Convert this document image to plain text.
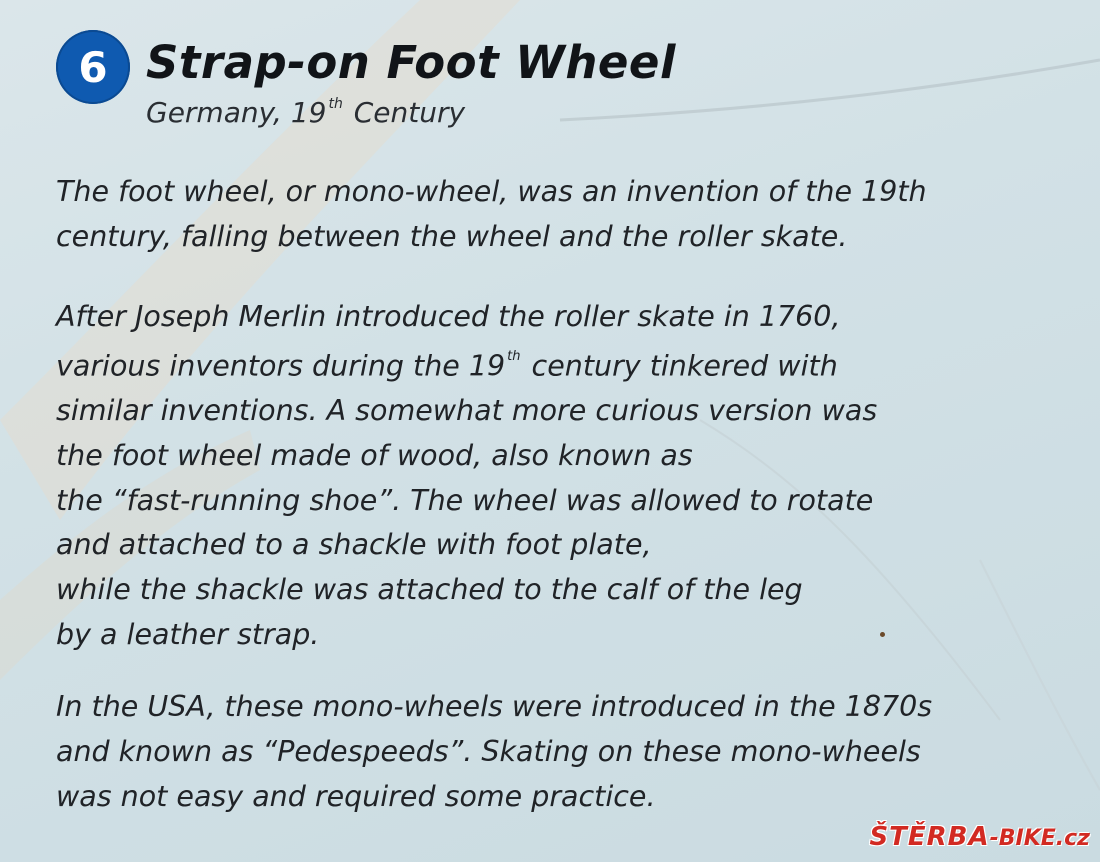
6 Strap-on Foot Wheel
Germany, 19 $^{th}$ Century
The foot wheel, or mono-wheel, was an invention of the 19th
century, falling between the wheel and the roller skate.
After Joseph Merlin introduced the roller skate in 1760,
various inventors during the 19 $^{th}$ century tinkered with
similar inventions. A somewhat more curious version was
the foot wheel made of wood, also known as
the “fast-running shoe”. The wheel was allowed to rotate
and attached to a shackle with foot plate,
while the shackle was attached to the calf of the leg
by a leather strap.
In the USA, these mono-wheels were introduced in the 1870s
and known as “Pedespeeds”. Skating on these mono-wheels
was not easy and required some practice.
ŠTĚRBA-BIKE.cz
